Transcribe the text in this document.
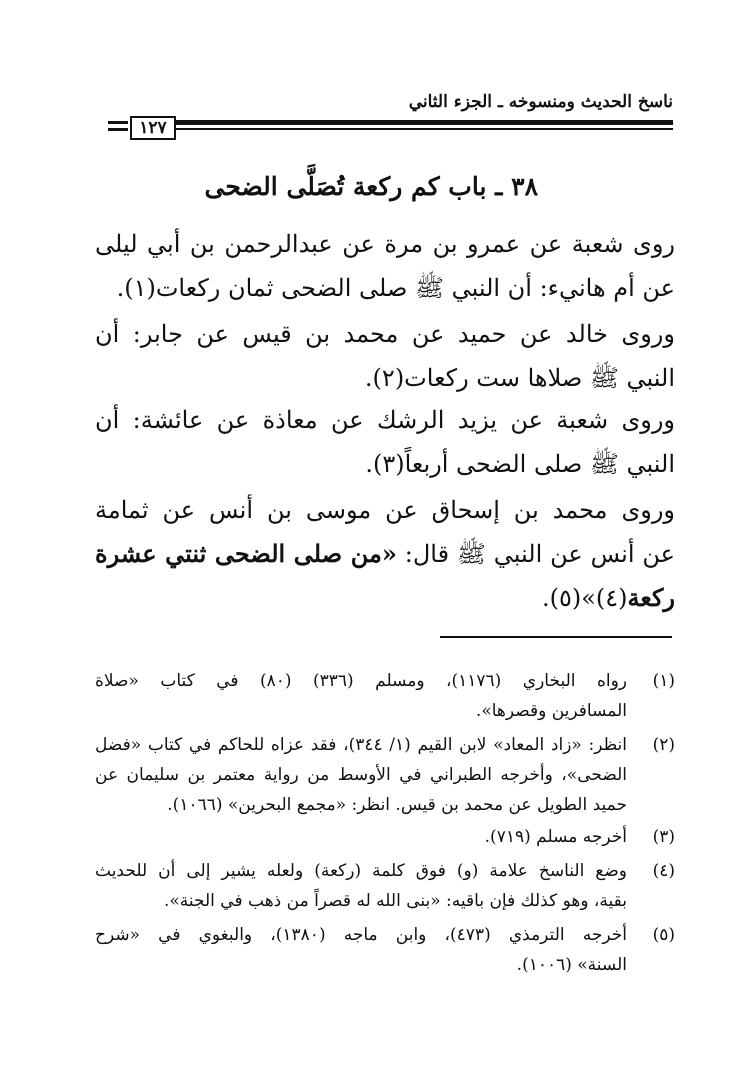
ناسخ الحديث ومنسوخه ـ الجزء الثاني
١٢٧
٣٨ ـ باب كم ركعة تُصَلَّى الضحى
روى شعبة عن عمرو بن مرة عن عبدالرحمن بن أبي ليلى
عن أم هانيء: أن النبي ﷺ صلى الضحى ثمان ركعات(١).
وروى خالد عن حميد عن محمد بن قيس عن جابر: أن
النبي ﷺ صلاها ست ركعات(٢).
وروى شعبة عن يزيد الرشك عن معاذة عن عائشة: أن
النبي ﷺ صلى الضحى أربعاً(٣).
وروى محمد بن إسحاق عن موسى بن أنس عن ثمامة
عن أنس عن النبي ﷺ قال: «من صلى الضحى ثنتي عشرة
ركعة(٤)»(٥).
(١)
رواه البخاري (١١٧٦)، ومسلم (٣٣٦) (٨٠) في كتاب «صلاة
المسافرين وقصرها».
(٢)
انظر: «زاد المعاد» لابن القيم (١/ ٣٤٤)، فقد عزاه للحاكم في كتاب «فضل
الضحى»، وأخرجه الطبراني في الأوسط من رواية معتمر بن سليمان عن
حميد الطويل عن محمد بن قيس. انظر: «مجمع البحرين» (١٠٦٦).
(٣)
أخرجه مسلم (٧١٩).
(٤)
وضع الناسخ علامة (و) فوق كلمة (ركعة) ولعله يشير إلى أن للحديث
بقية، وهو كذلك فإن باقيه: «بنى الله له قصراً من ذهب في الجنة».
(٥)
أخرجه الترمذي (٤٧٣)، وابن ماجه (١٣٨٠)، والبغوي في «شرح
السنة» (١٠٠٦).
